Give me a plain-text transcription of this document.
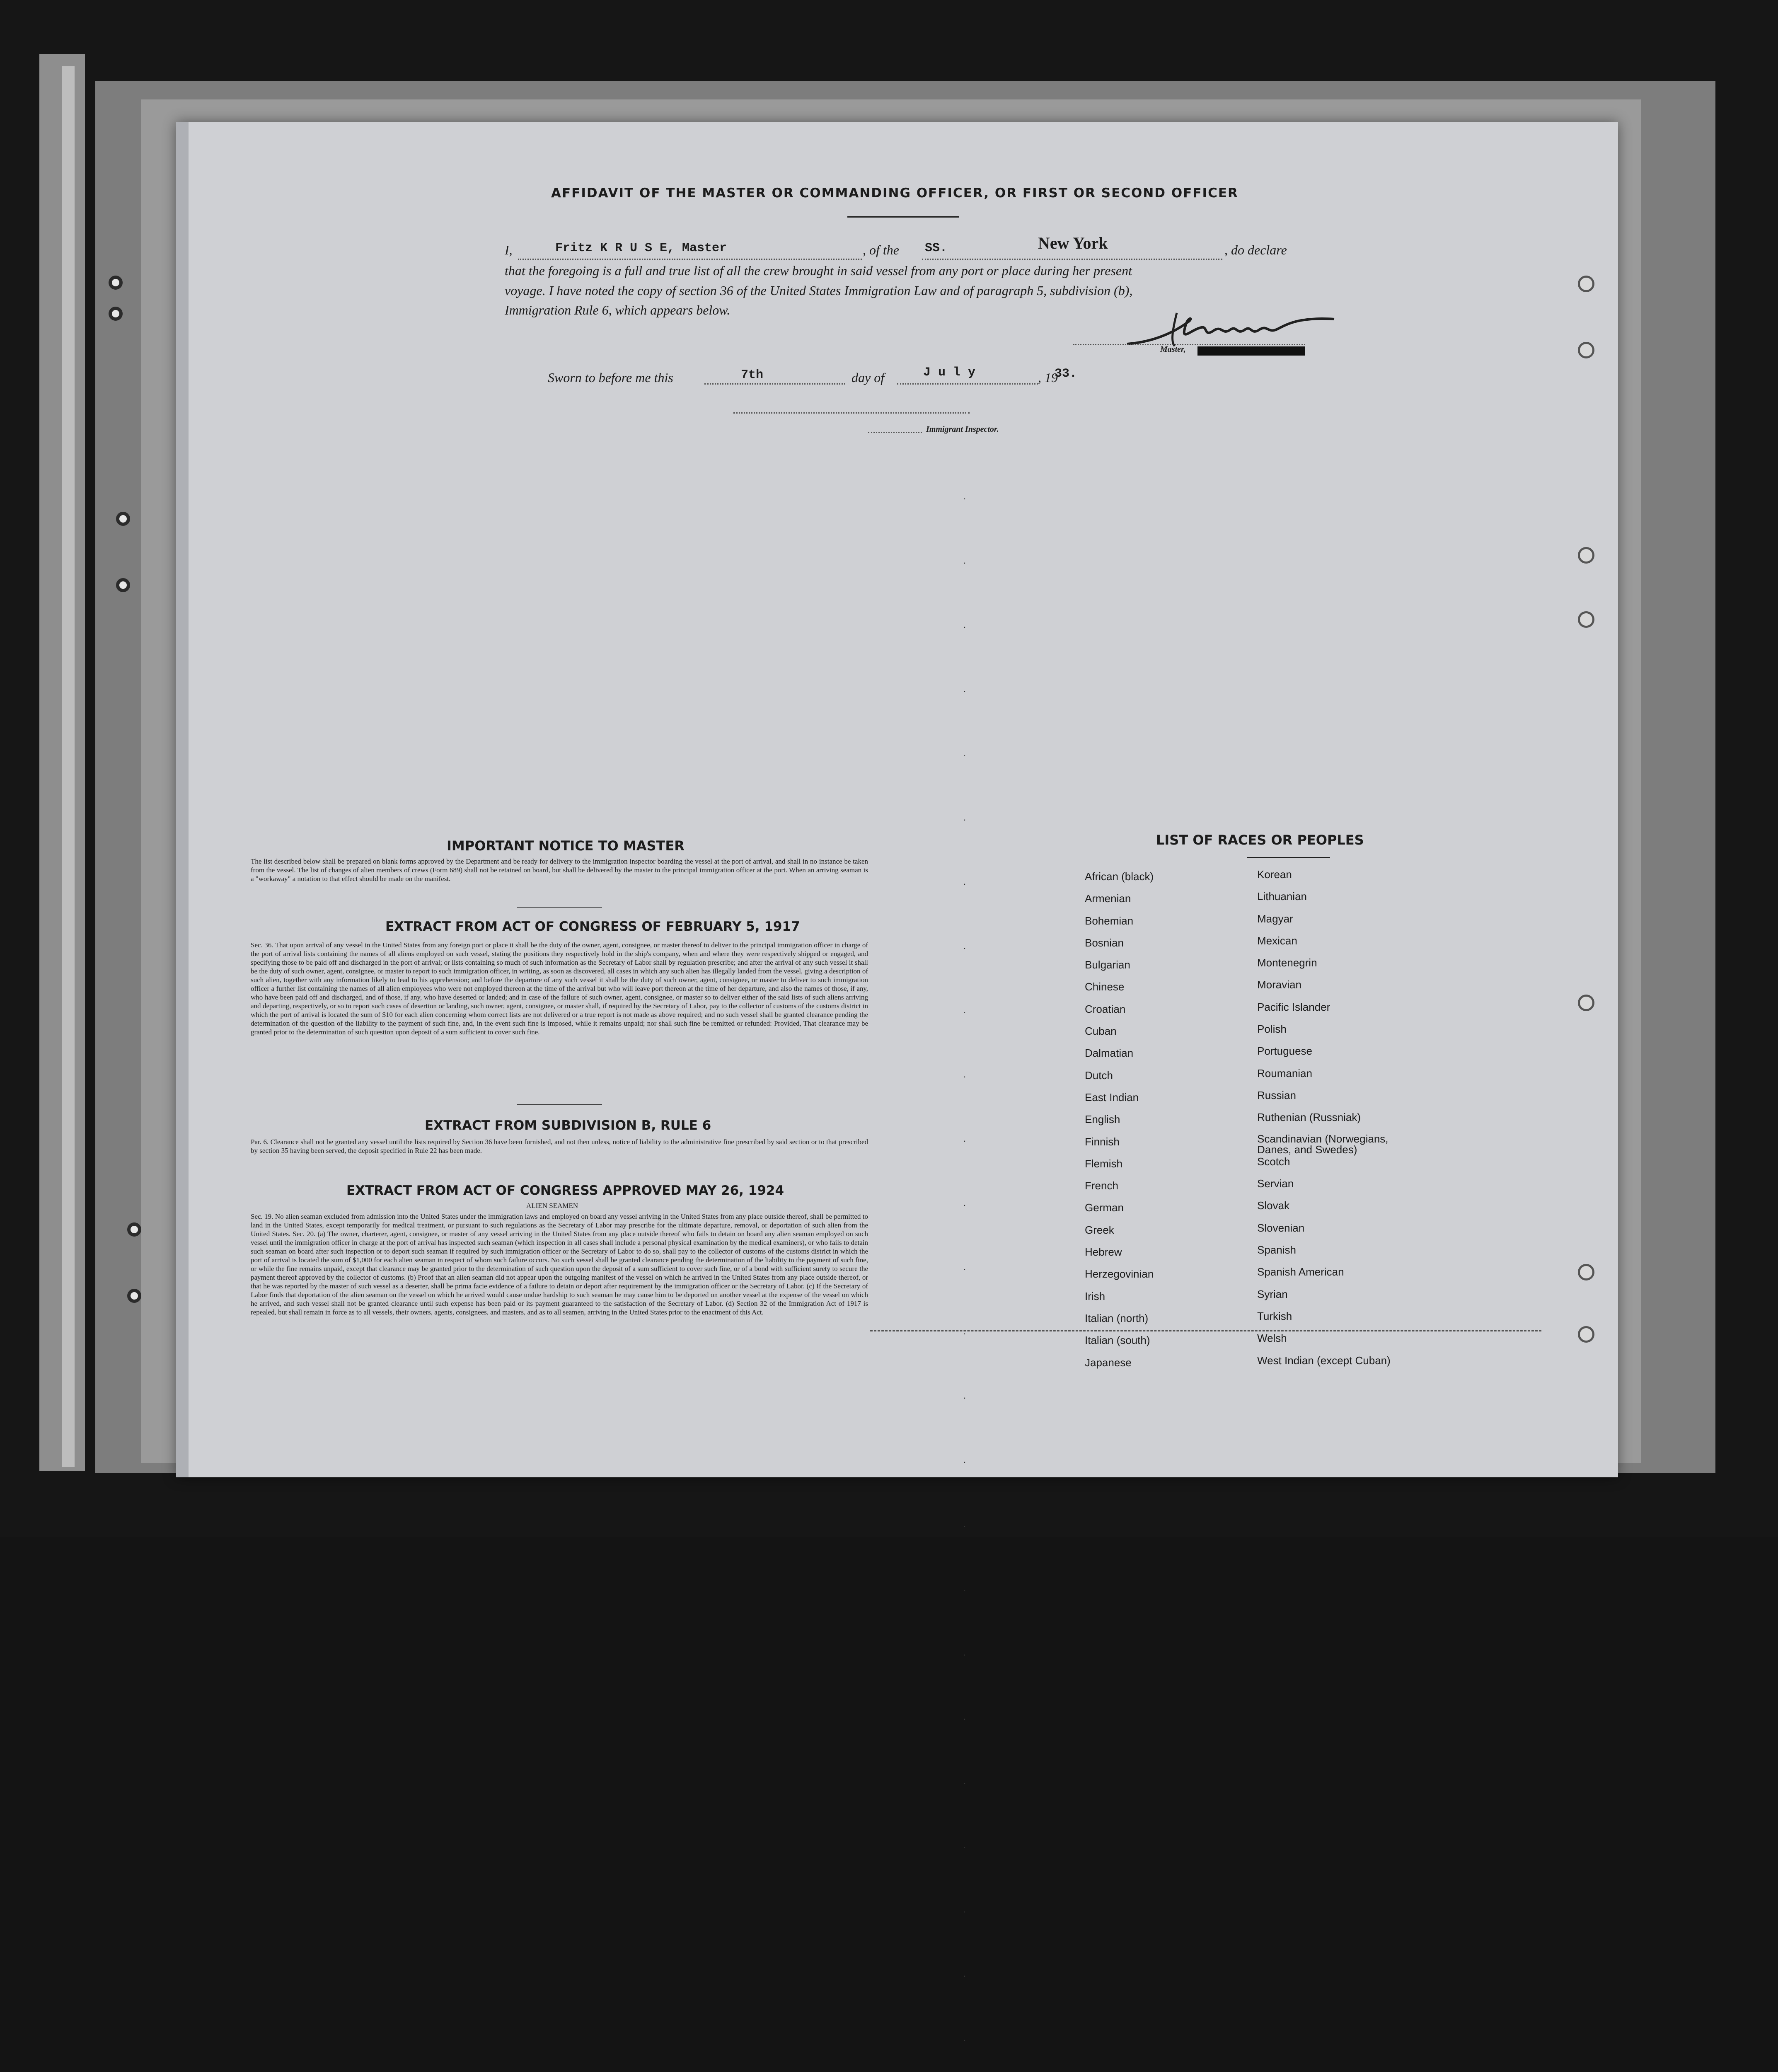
AFFIDAVIT OF THE MASTER OR COMMANDING OFFICER, OR FIRST OR SECOND OFFICER
I,	Fritz K R U S E, Master	, of the SS.	New York	, do declare
that the foregoing is a full and true list of all the crew brought in said vessel from any port or place during her present
voyage. I have noted the copy of section 36 of the United States Immigration Law and of paragraph 5, subdivision (b),
Immigration Rule 6, which appears below.
Master,
Sworn to before me this	7th	day of	J u l y	, 19
33.
Immigrant Inspector.
. .
. .
. .
. .
. .
. .
. .
. .
. .
. .
. .
. .
.

IMPORTANT NOTICE TO MASTER
The list described below shall be prepared on blank forms approved by the Department and be ready for delivery to the immigration inspector boarding the vessel at the port of arrival, and shall in no instance be taken from the vessel. The list of changes of alien members of crews (Form 689) shall not be retained on board, but shall be delivered by the master to the principal immigration officer at the port. When an arriving seaman is a "workaway" a notation to that effect should be made on the manifest.
EXTRACT FROM ACT OF CONGRESS OF FEBRUARY 5, 1917
Sec. 36. That upon arrival of any vessel in the United States from any foreign port or place it shall be the duty of the owner, agent, consignee, or master thereof to deliver to the principal immigration officer in charge of the port of arrival lists containing the names of all aliens employed on such vessel, stating the positions they respectively hold in the ship's company, when and where they were respectively shipped or engaged, and specifying those to be paid off and discharged in the port of arrival; or lists containing so much of such information as the Secretary of Labor shall by regulation prescribe; and after the arrival of any such vessel it shall be the duty of such owner, agent, consignee, or master to report to such immigration officer, in writing, as soon as discovered, all cases in which any such alien has illegally landed from the vessel, giving a description of such alien, together with any information likely to lead to his apprehension; and before the departure of any such vessel it shall be the duty of such owner, agent, consignee, or master to deliver to such immigration officer a further list containing the names of all alien employees who were not employed thereon at the time of the arrival but who will leave port thereon at the time of her departure, and also the names of those, if any, who have been paid off and discharged, and of those, if any, who have deserted or landed; and in case of the failure of such owner, agent, consignee, or master so to deliver either of the said lists of such aliens arriving and departing, respectively, or so to report such cases of desertion or landing, such owner, agent, consignee, or master shall, if required by the Secretary of Labor, pay to the collector of customs of the customs district in which the port of arrival is located the sum of $10 for each alien concerning whom correct lists are not delivered or a true report is not made as above required; and no such vessel shall be granted clearance pending the determination of the question of the liability to the payment of such fine, and, in the event such fine is imposed, while it remains unpaid; nor shall such fine be remitted or refunded: Provided, That clearance may be granted prior to the determination of such question upon deposit of a sum sufficient to cover such fine.
EXTRACT FROM SUBDIVISION B, RULE 6
Par. 6. Clearance shall not be granted any vessel until the lists required by Section 36 have been furnished, and not then unless, notice of liability to the administrative fine prescribed by said section or to that prescribed by section 35 having been served, the deposit specified in Rule 22 has been made.
EXTRACT FROM ACT OF CONGRESS APPROVED MAY 26, 1924
ALIEN SEAMEN
Sec. 19. No alien seaman excluded from admission into the United States under the immigration laws and employed on board any vessel arriving in the United States from any place outside thereof, shall be permitted to land in the United States, except temporarily for medical treatment, or pursuant to such regulations as the Secretary of Labor may prescribe for the ultimate departure, removal, or deportation of such alien from the United States. Sec. 20. (a) The owner, charterer, agent, consignee, or master of any vessel arriving in the United States from any place outside thereof who fails to detain on board any alien seaman employed on such vessel until the immigration officer in charge at the port of arrival has inspected such seaman (which inspection in all cases shall include a personal physical examination by the medical examiners), or who fails to detain such seaman on board after such inspection or to deport such seaman if required by such immigration officer or the Secretary of Labor to do so, shall pay to the collector of customs of the customs district in which the port of arrival is located the sum of $1,000 for each alien seaman in respect of whom such failure occurs. No such vessel shall be granted clearance pending the determination of the liability to the payment of such fine, or while the fine remains unpaid, except that clearance may be granted prior to the determination of such question upon the deposit of a sum sufficient to cover such fine, or of a bond with sufficient surety to secure the payment thereof approved by the collector of customs. (b) Proof that an alien seaman did not appear upon the outgoing manifest of the vessel on which he arrived in the United States from any place outside thereof, or that he was reported by the master of such vessel as a deserter, shall be prima facie evidence of a failure to detain or deport after requirement by the immigration officer or the Secretary of Labor. (c) If the Secretary of Labor finds that deportation of the alien seaman on the vessel on which he arrived would cause undue hardship to such seaman he may cause him to be deported on another vessel at the expense of the vessel on which he arrived, and such vessel shall not be granted clearance until such expense has been paid or its payment guaranteed to the satisfaction of the Secretary of Labor. (d) Section 32 of the Immigration Act of 1917 is repealed, but shall remain in force as to all vessels, their owners, agents, consignees, and masters, and as to all seamen, arriving in the United States prior to the enactment of this Act.
LIST OF RACES OR PEOPLES
African (black)
Armenian
Bohemian
Bosnian
Bulgarian
Chinese
Croatian
Cuban
Dalmatian
Dutch
East Indian
English
Finnish
Flemish
French
German
Greek
Hebrew
Herzegovinian
Irish
Italian (north)
Italian (south)
Japanese
Korean
Lithuanian
Magyar
Mexican
Montenegrin
Moravian
Pacific Islander
Polish
Portuguese
Roumanian
Russian
Ruthenian (Russniak)
Scandinavian (Norwegians, Danes, and Swedes)
Scotch
Servian
Slovak
Slovenian
Spanish
Spanish American
Syrian
Turkish
Welsh
West Indian (except Cuban)
